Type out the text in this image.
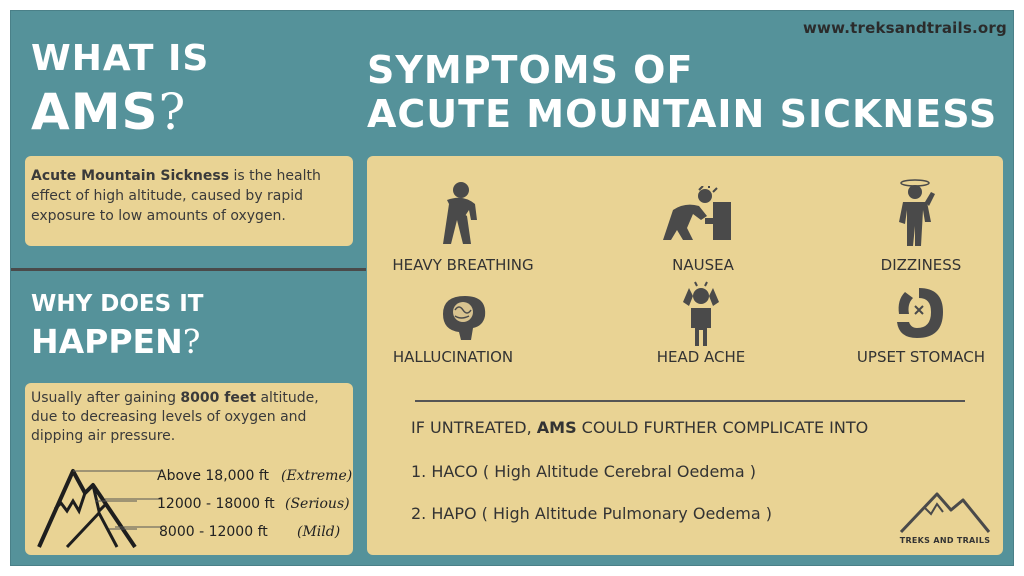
www.treksandtrails.org
WHAT IS
AMS?

Acute Mountain Sickness is the health effect of high altitude, caused by rapid exposure to low amounts of oxygen.

WHY DOES IT
HAPPEN?

Usually after gaining 8000 feet altitude, due to decreasing levels of oxygen and dipping air pressure.

Above 18,000 ft (Extreme)
12000 - 18000 ft (Serious)
8000 - 12000 ft (Mild)
SYMPTOMS OF
ACUTE MOUNTAIN SICKNESS
HEAVY BREATHING	NAUSEA	DIZZINESS
HALLUCINATION	HEAD ACHE	UPSET STOMACH
IF UNTREATED, AMS COULD FURTHER COMPLICATE INTO
1. HACO ( High Altitude Cerebral Oedema )
2. HAPO ( High Altitude Pulmonary Oedema )
TREKS AND TRAILS
